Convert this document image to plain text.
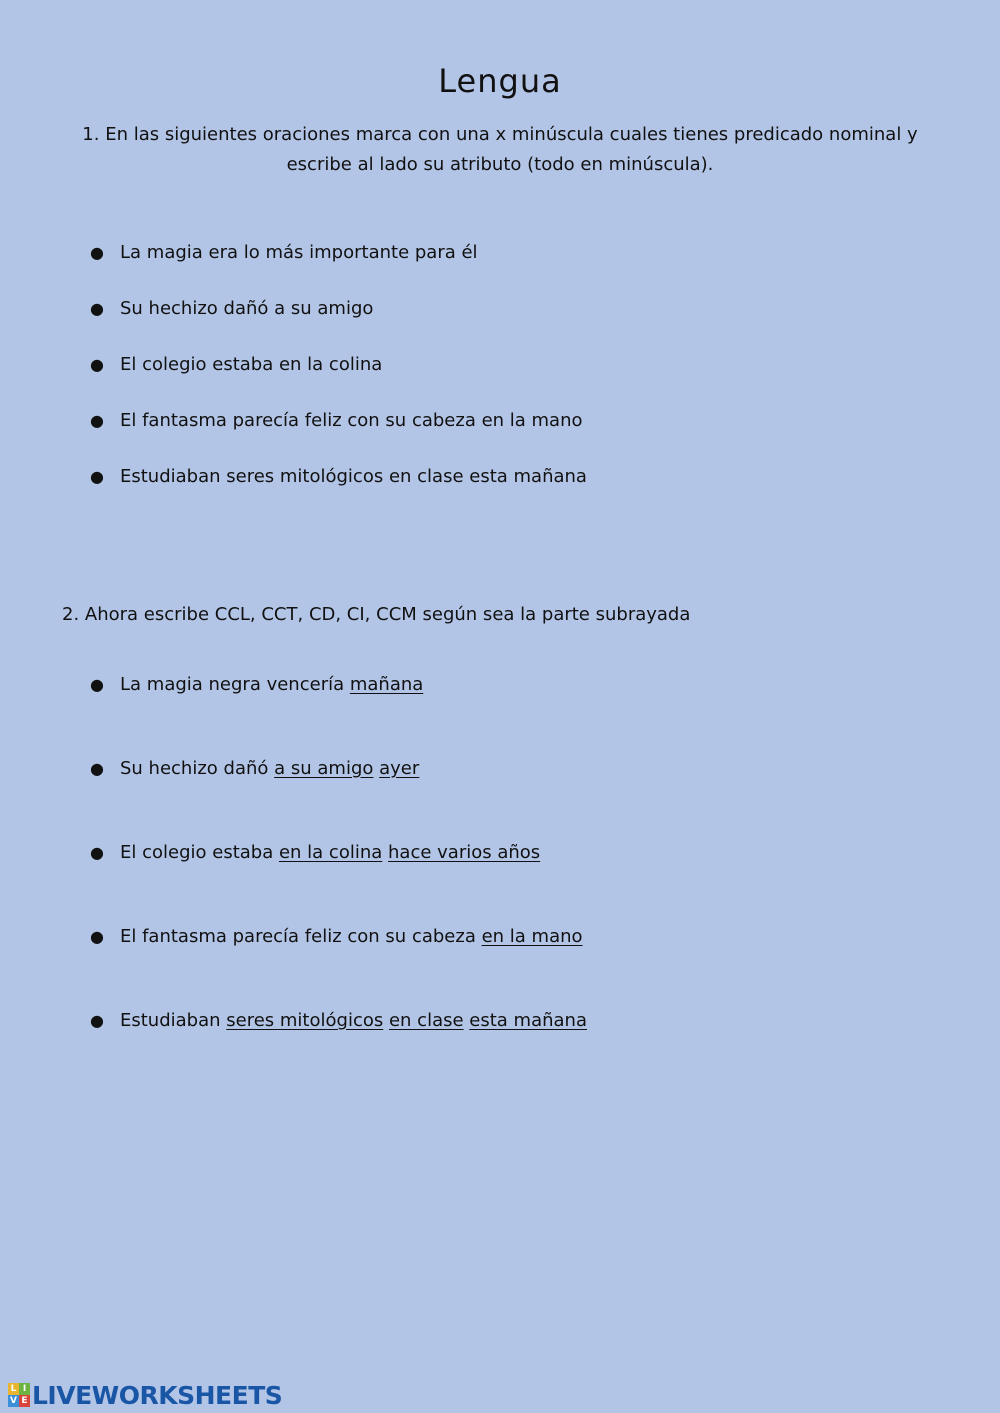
Lengua
1. En las siguientes oraciones marca con una x minúscula cuales tienes predicado nominal y escribe al lado su atributo (todo en minúscula).
● La magia era lo más importante para él
● Su hechizo dañó a su amigo
● El colegio estaba en la colina
● El fantasma parecía feliz con su cabeza en la mano
● Estudiaban seres mitológicos en clase esta mañana
2. Ahora escribe CCL, CCT, CD, CI, CCM según sea la parte subrayada
● La magia negra vencería mañana
● Su hechizo dañó a su amigo ayer
● El colegio estaba en la colina hace varios años
● El fantasma parecía feliz con su cabeza en la mano
● Estudiaban seres mitológicos en clase esta mañana
L I
V E LIVEWORKSHEETS
